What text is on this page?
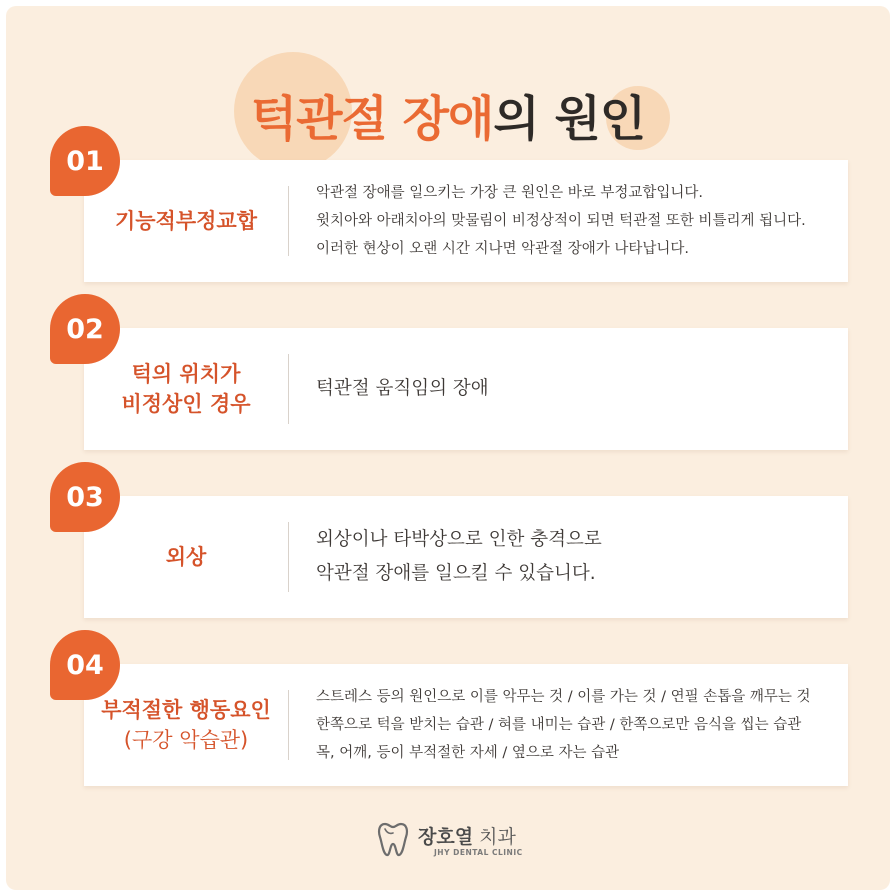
턱관절 장애의 원인
기능적부정교합
악관절 장애를 일으키는 가장 큰 원인은 바로 부정교합입니다.
윗치아와 아래치아의 맞물림이 비정상적이 되면 턱관절 또한 비틀리게 됩니다.
이러한 현상이 오랜 시간 지나면 악관절 장애가 나타납니다.
01
턱의 위치가
비정상인 경우
턱관절 움직임의 장애
02
외상
외상이나 타박상으로 인한 충격으로
악관절 장애를 일으킬 수 있습니다.
03
부적절한 행동요인
(구강 악습관)
스트레스 등의 원인으로 이를 악무는 것 / 이를 가는 것 / 연필 손톱을 깨무는 것
한쪽으로 턱을 받치는 습관 / 혀를 내미는 습관 / 한쪽으로만 음식을 씹는 습관
목, 어깨, 등이 부적절한 자세 / 옆으로 자는 습관
04
장호열 치과
JHY DENTAL CLINIC
